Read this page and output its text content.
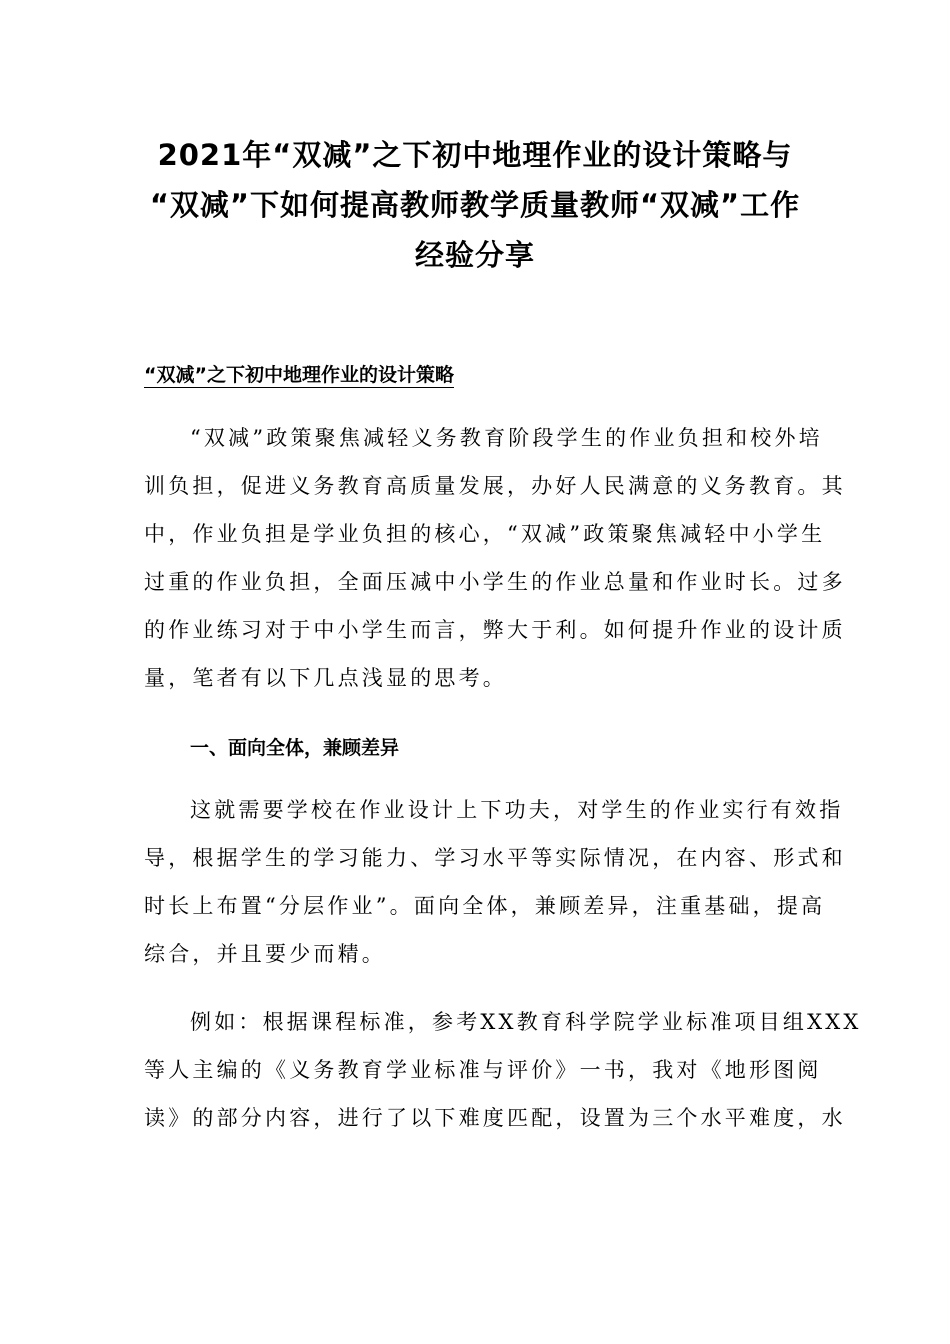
2021年“双减”之下初中地理作业的设计策略与
“双减”下如何提高教师教学质量教师“双减”工作
经验分享
“双减”之下初中地理作业的设计策略
“双减”政策聚焦减轻义务教育阶段学生的作业负担和校外培
训负担，促进义务教育高质量发展，办好人民满意的义务教育。其
中，作业负担是学业负担的核心，“双减”政策聚焦减轻中小学生
过重的作业负担，全面压减中小学生的作业总量和作业时长。过多
的作业练习对于中小学生而言，弊大于利。如何提升作业的设计质
量，笔者有以下几点浅显的思考。
一、面向全体，兼顾差异
这就需要学校在作业设计上下功夫，对学生的作业实行有效指
导，根据学生的学习能力、学习水平等实际情况，在内容、形式和
时长上布置“分层作业”。面向全体，兼顾差异，注重基础，提高
综合，并且要少而精。
例如：根据课程标准，参考XX教育科学院学业标准项目组XXX
等人主编的《义务教育学业标准与评价》一书，我对《地形图阅
读》的部分内容，进行了以下难度匹配，设置为三个水平难度，水
